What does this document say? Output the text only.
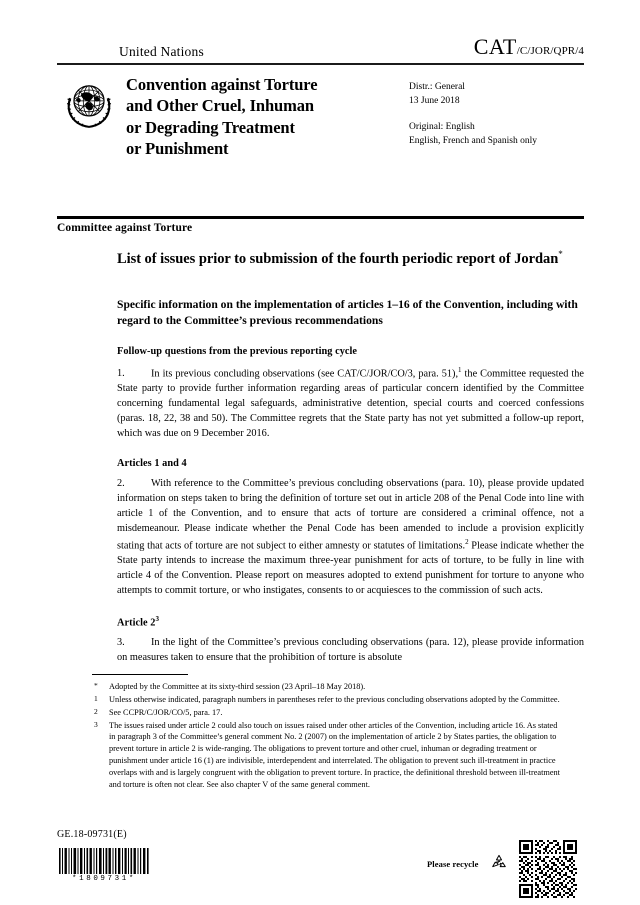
United Nations	CAT/C/JOR/QPR/4
Convention against Torture
and Other Cruel, Inhuman
or Degrading Treatment
or Punishment
Distr.: General
13 June 2018
Original: English
English, French and Spanish only
Committee against Torture
List of issues prior to submission of the fourth periodic report of Jordan*
Specific information on the implementation of articles 1–16 of the Convention, including with regard to the Committee’s previous recommendations
Follow-up questions from the previous reporting cycle

1.	In its previous concluding observations (see CAT/C/JOR/CO/3, para. 51),$^1$ the Committee requested the State party to provide further information regarding areas of particular concern identified by the Committee concerning fundamental legal safeguards, administrative detention, special courts and coerced confessions (paras. 18, 22, 38 and 50). The Committee regrets that the State party has not yet submitted a follow-up report, which was due on 9 December 2016.

Articles 1 and 4

2.	With reference to the Committee’s previous concluding observations (para. 10), please provide updated information on steps taken to bring the definition of torture set out in article 208 of the Penal Code into line with article 1 of the Convention, and to ensure that acts of torture are considered a criminal offence, not a misdemeanour. Please indicate whether the Penal Code has been amended to include a provision explicitly stating that acts of torture are not subject to either amnesty or statutes of limitations.$^2$ Please indicate whether the State party intends to increase the maximum three-year punishment for acts of torture, to be fully in line with article 4 of the Convention. Please report on measures adopted to extend punishment for torture to anyone who attempts to commit torture, or who instigates, consents to or acquiesces to the commission of such acts.

Article 2$^3$

3.	In the light of the Committee’s previous concluding observations (para. 12), please provide information on measures taken to ensure that the prohibition of torture is absolute

*	Adopted by the Committee at its sixty-third session (23 April–18 May 2018).
1	Unless otherwise indicated, paragraph numbers in parentheses refer to the previous concluding observations adopted by the Committee.
2	See CCPR/C/JOR/CO/5, para. 17.
3	The issues raised under article 2 could also touch on issues raised under other articles of the Convention, including article 16. As stated in paragraph 3 of the Committee’s general comment No. 2 (2007) on the implementation of article 2 by States parties, the obligation to prevent torture in article 2 is wide-ranging. The obligations to prevent torture and other cruel, inhuman or degrading treatment or punishment under article 16 (1) are indivisible, interdependent and interrelated. The obligation to prevent such ill-treatment in practice overlaps with and is largely congruent with the obligation to prevent torture. In practice, the definitional threshold between ill-treatment and torture is often not clear. See also chapter V of the same general comment.
GE.18-09731(E)
*1809731*
Please recycle
